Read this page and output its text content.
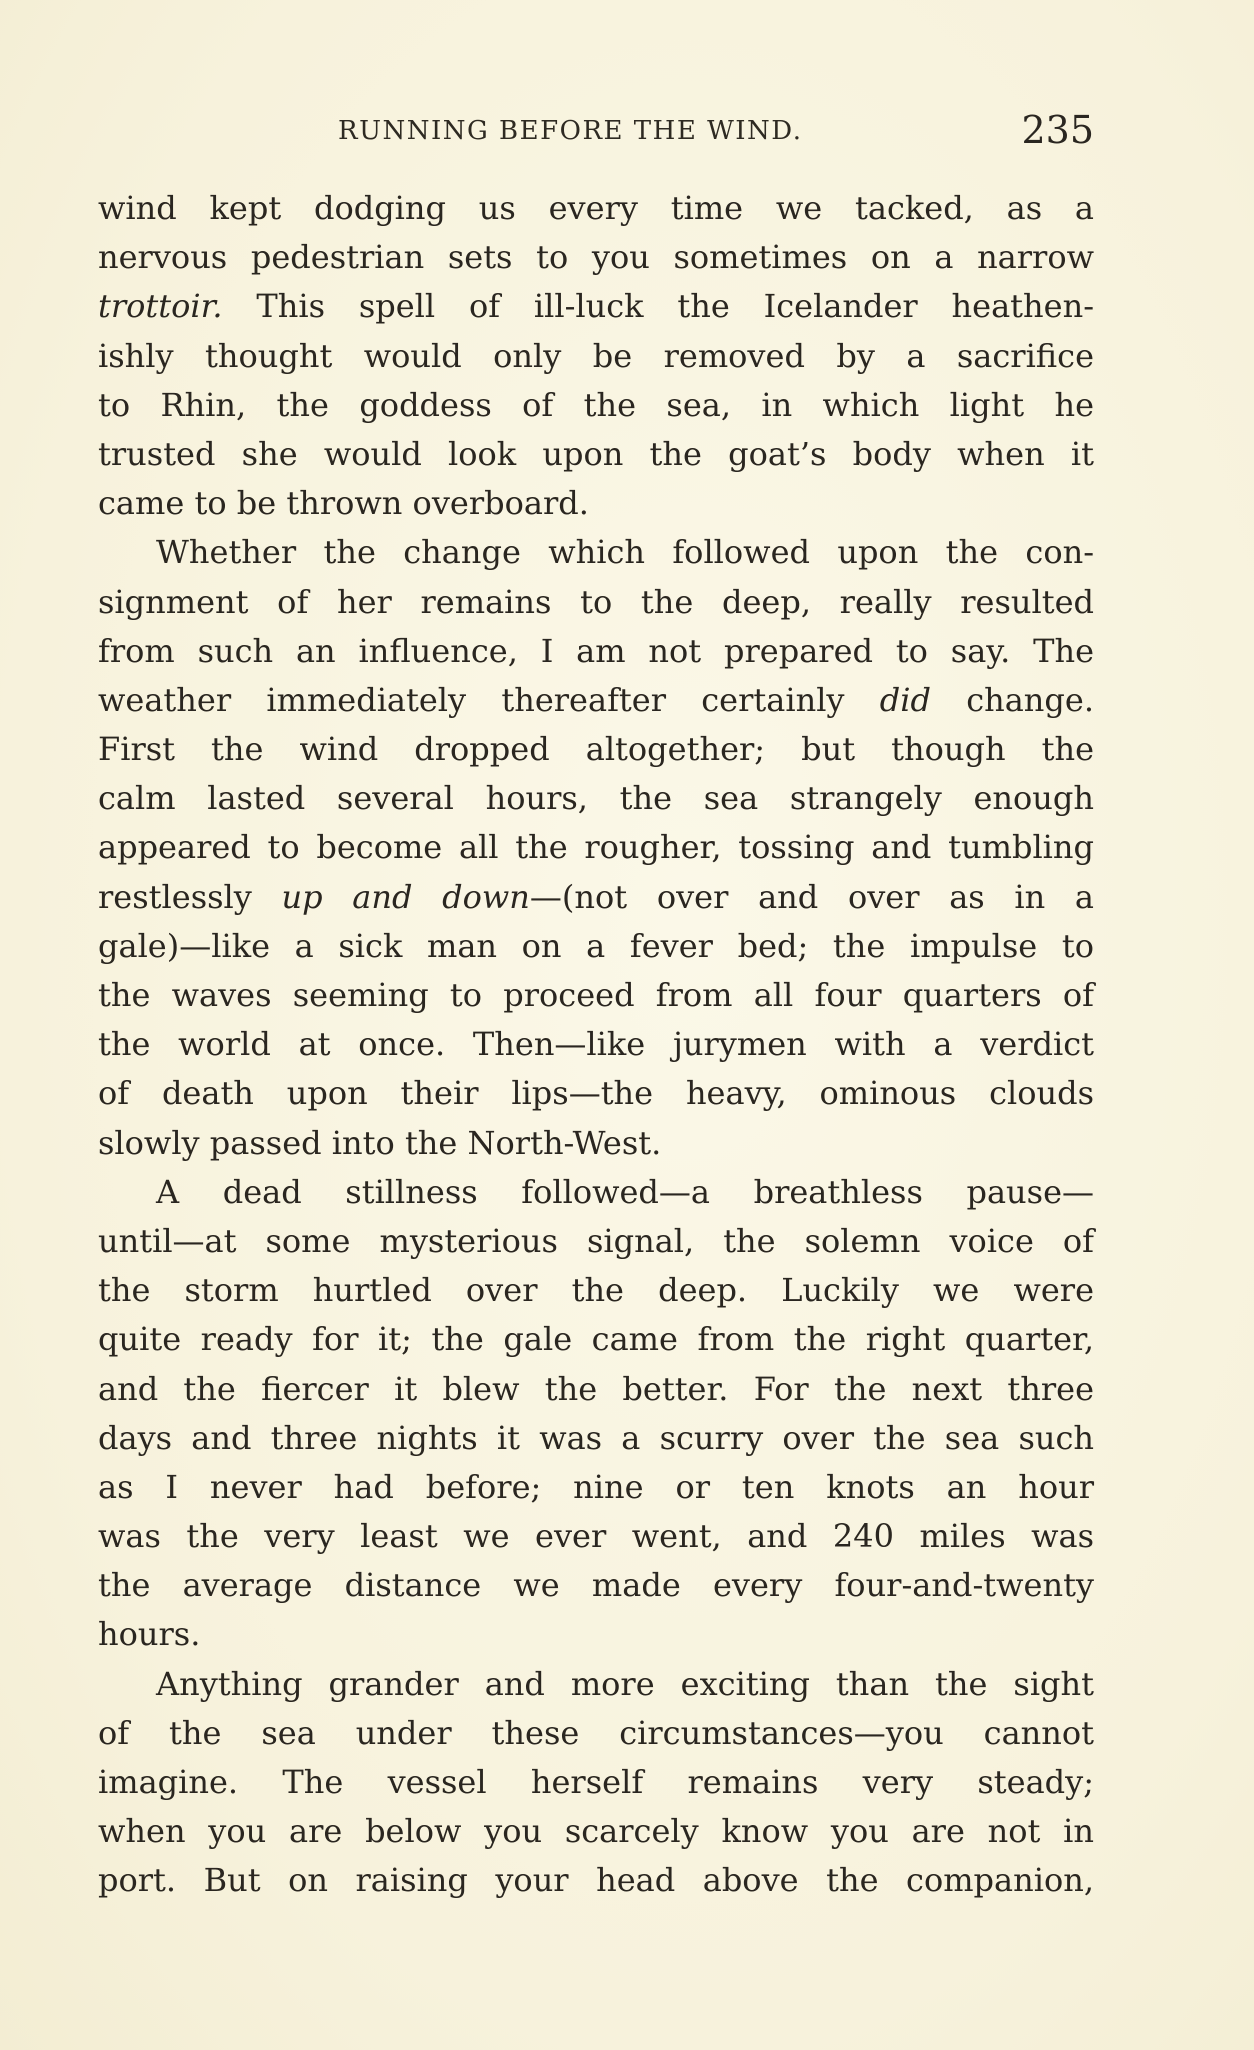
RUNNING BEFORE THE WIND.	235
wind kept dodging us every time we tacked, as a
nervous pedestrian sets to you sometimes on a narrow
trottoir. This spell of ill-luck the Icelander heathen-
ishly thought would only be removed by a sacrifice
to Rhin, the goddess of the sea, in which light he
trusted she would look upon the goat’s body when it
came to be thrown overboard.
Whether the change which followed upon the con-
signment of her remains to the deep, really resulted
from such an influence, I am not prepared to say. The
weather immediately thereafter certainly did change.
First the wind dropped altogether; but though the
calm lasted several hours, the sea strangely enough
appeared to become all the rougher, tossing and tumbling
restlessly up and down—(not over and over as in a
gale)—like a sick man on a fever bed; the impulse to
the waves seeming to proceed from all four quarters of
the world at once. Then—like jurymen with a verdict
of death upon their lips—the heavy, ominous clouds
slowly passed into the North-West.
A dead stillness followed—a breathless pause—
until—at some mysterious signal, the solemn voice of
the storm hurtled over the deep. Luckily we were
quite ready for it; the gale came from the right quarter,
and the fiercer it blew the better. For the next three
days and three nights it was a scurry over the sea such
as I never had before; nine or ten knots an hour
was the very least we ever went, and 240 miles was
the average distance we made every four-and-twenty
hours.
Anything grander and more exciting than the sight
of the sea under these circumstances—you cannot
imagine. The vessel herself remains very steady;
when you are below you scarcely know you are not in
port. But on raising your head above the companion,
